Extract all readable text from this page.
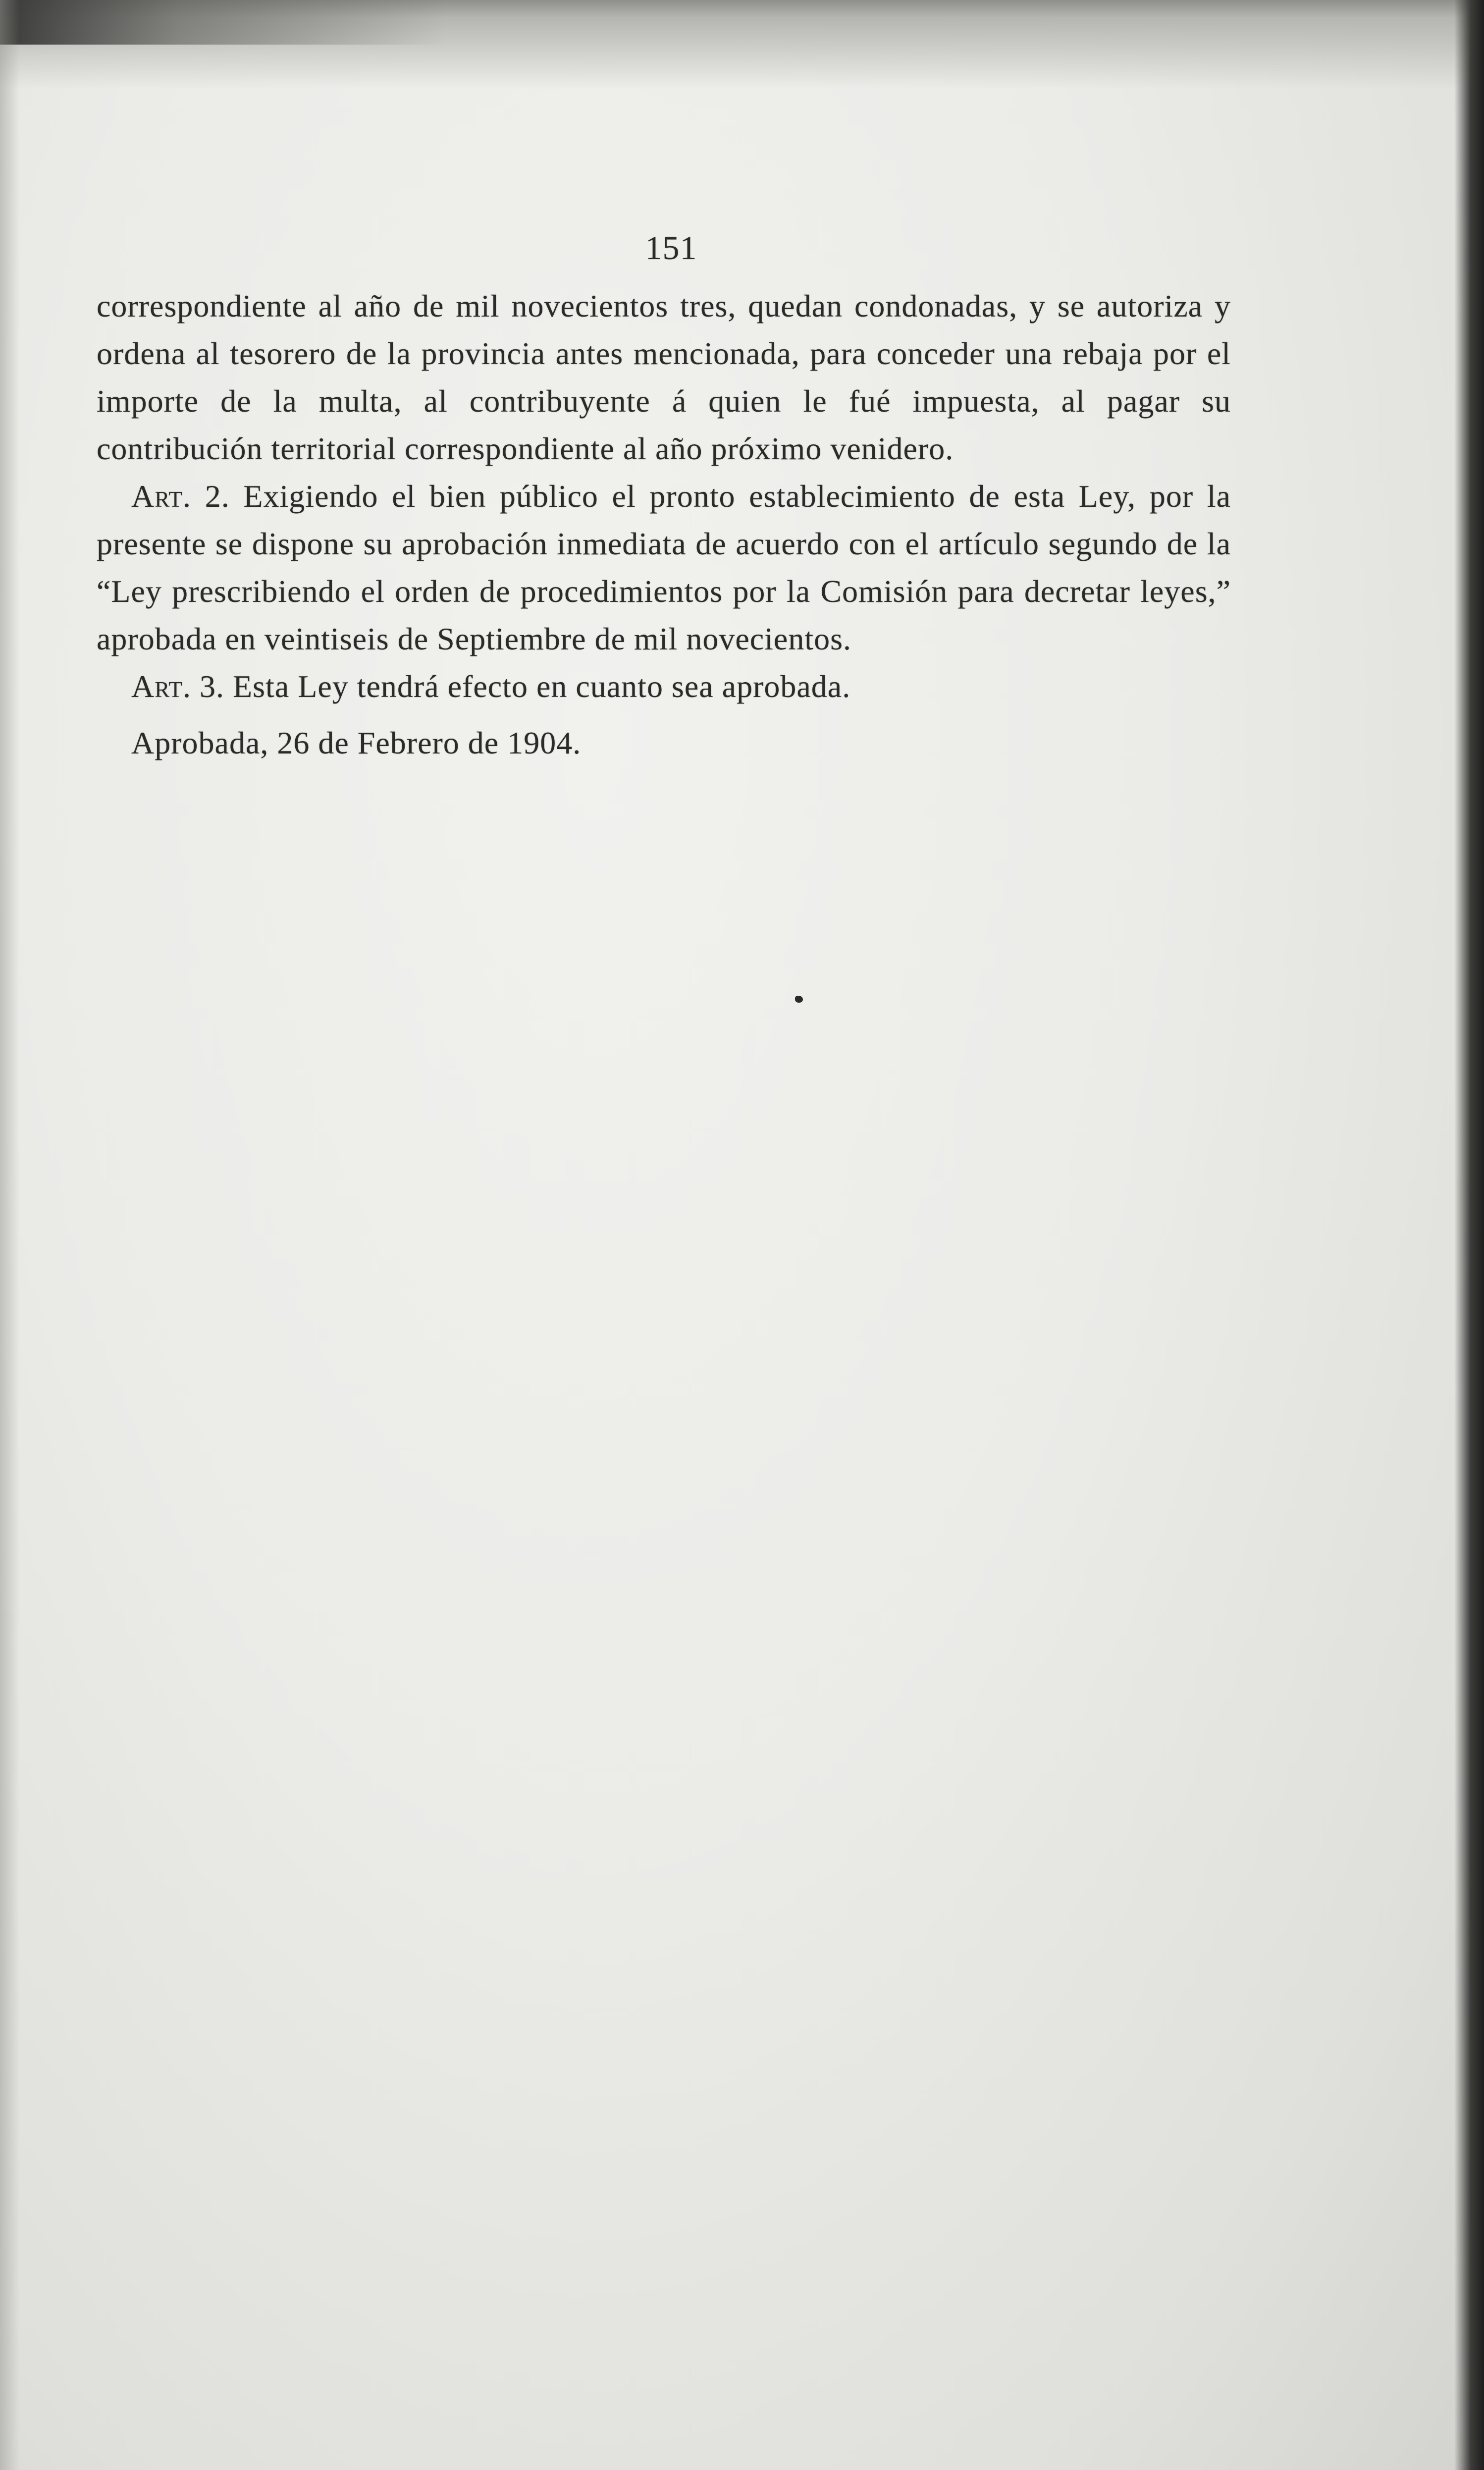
151

correspondiente al año de mil novecientos tres, quedan condonadas, y se autoriza y ordena al tesorero de la provincia antes mencionada, para conceder una rebaja por el importe de la multa, al contribuyente á quien le fué impuesta, al pagar su contribución territorial correspondiente al año próximo venidero.

Art. 2. Exigiendo el bien público el pronto establecimiento de esta Ley, por la presente se dispone su aprobación inmediata de acuerdo con el artículo segundo de la “Ley prescribiendo el orden de procedimientos por la Comisión para decretar leyes,” aprobada en veintiseis de Septiembre de mil novecientos.

Art. 3. Esta Ley tendrá efecto en cuanto sea aprobada.

Aprobada, 26 de Febrero de 1904.
